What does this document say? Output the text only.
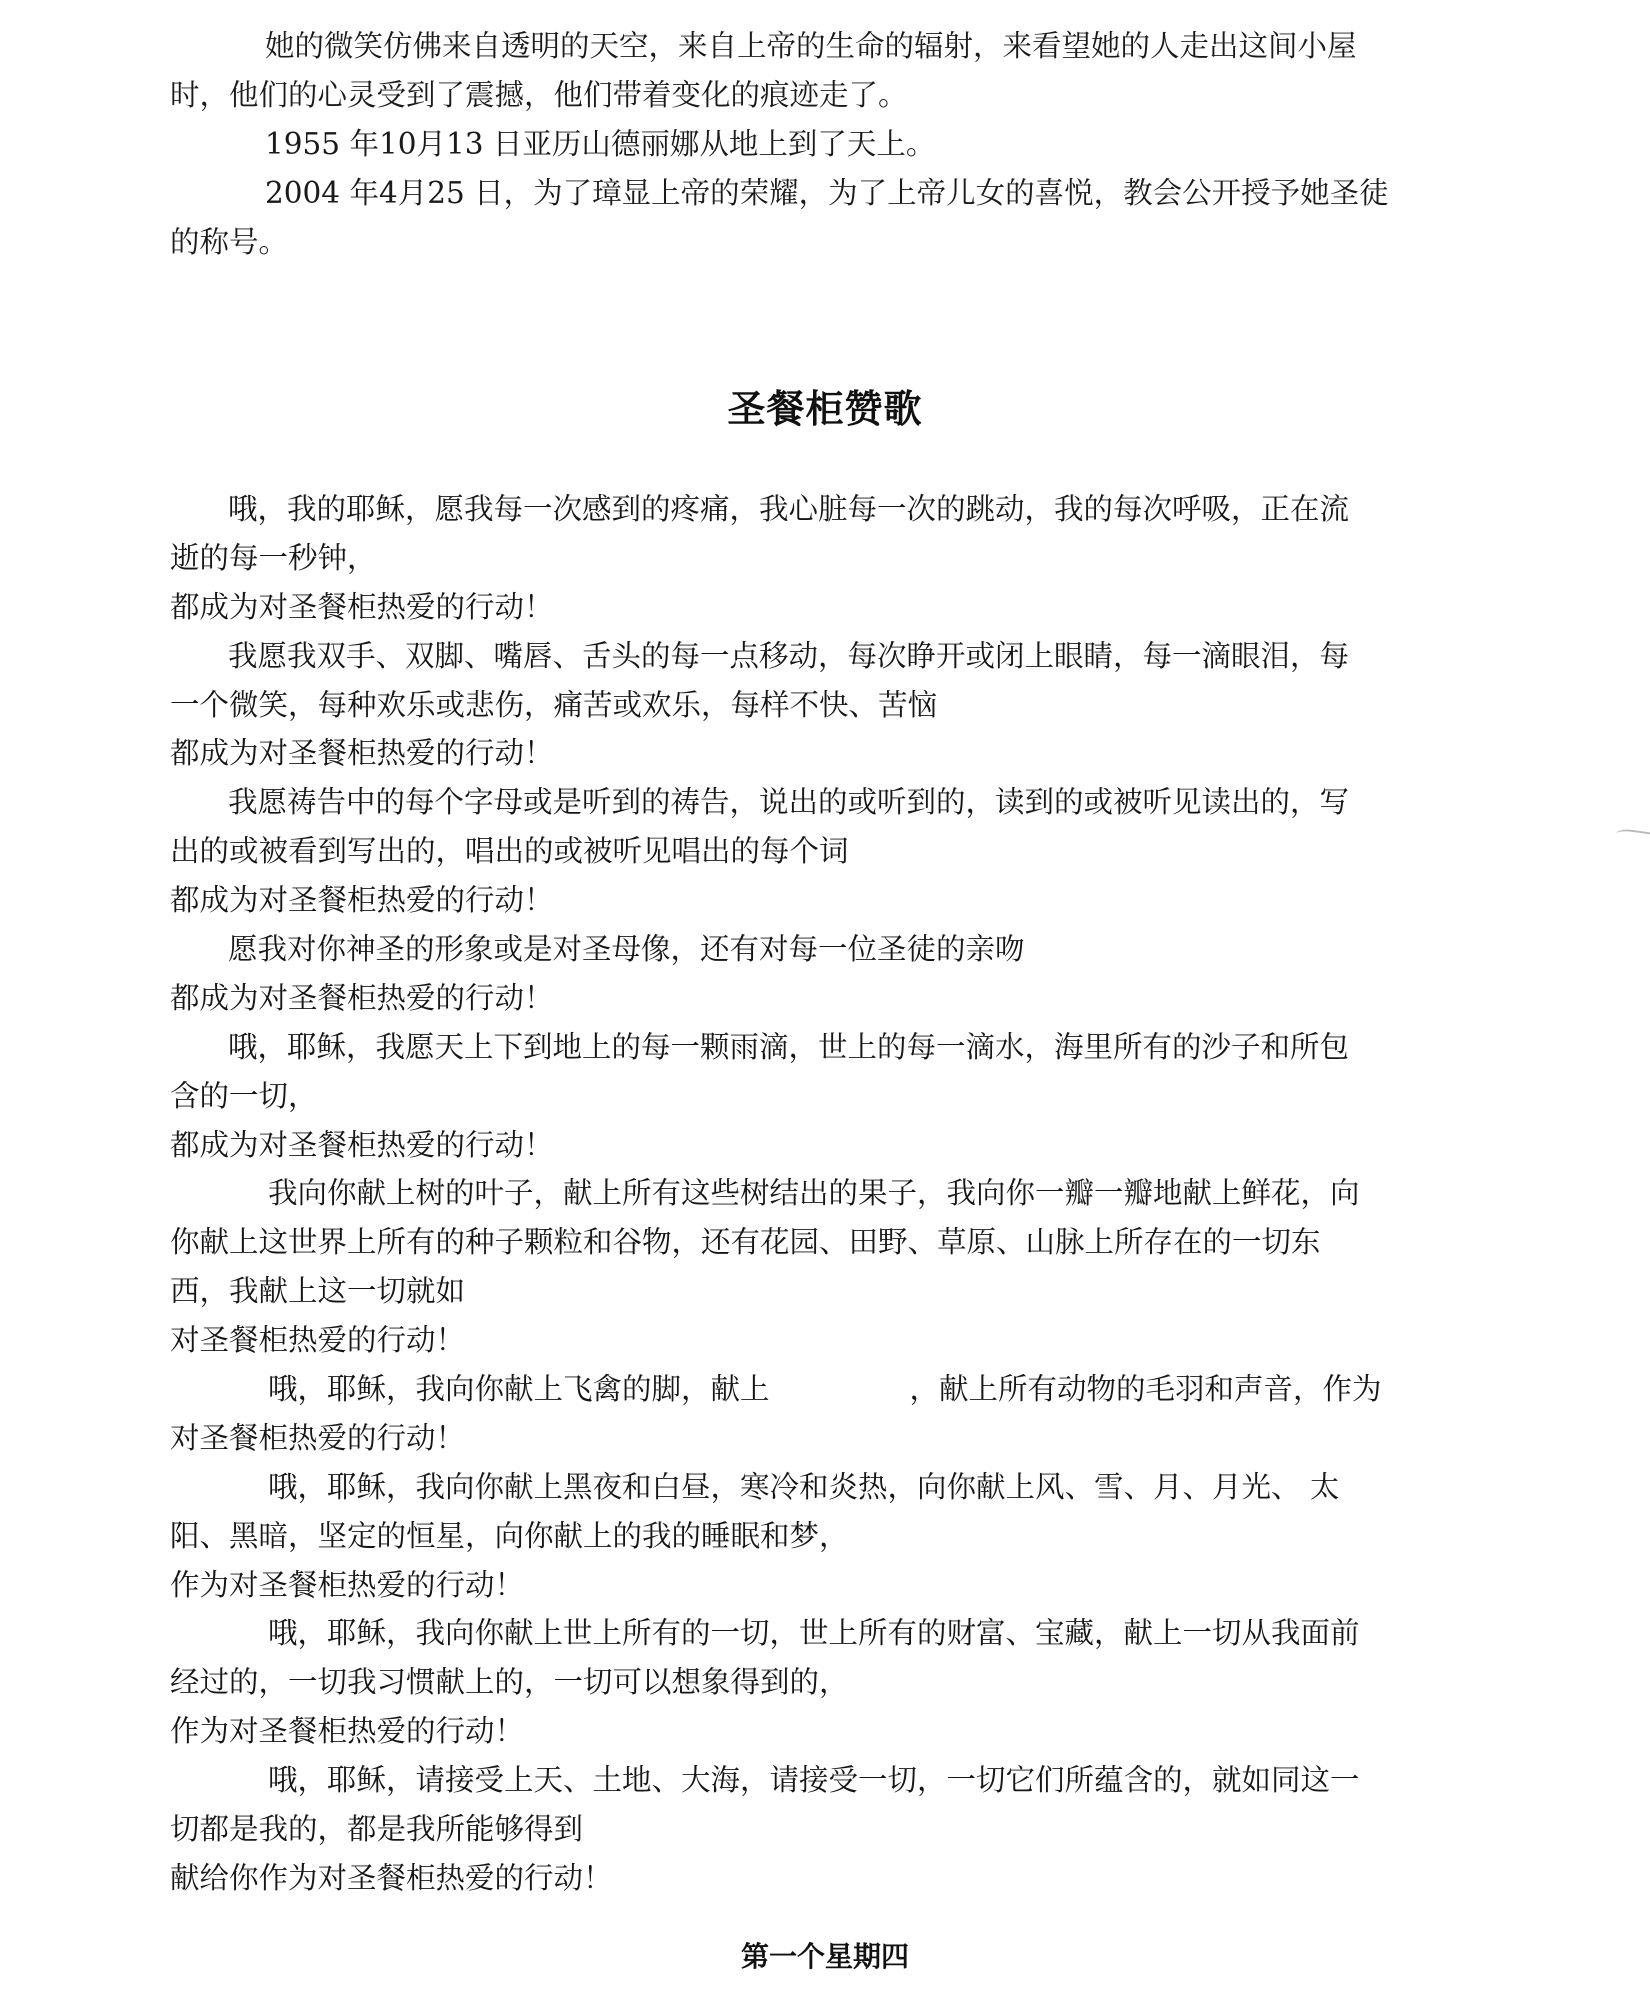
她的微笑仿佛来自透明的天空，来自上帝的生命的辐射，来看望她的人走出这间小屋

时，他们的心灵受到了震撼，他们带着变化的痕迹走了。

1955 年10月13 日亚历山德丽娜从地上到了天上。

2004 年4月25 日，为了璋显上帝的荣耀，为了上帝儿女的喜悦，教会公开授予她圣徒

的称号。

圣餐柜赞歌

哦，我的耶稣，愿我每一次感到的疼痛，我心脏每一次的跳动，我的每次呼吸，正在流

逝的每一秒钟，

都成为对圣餐柜热爱的行动！

我愿我双手、双脚、嘴唇、舌头的每一点移动，每次睁开或闭上眼睛，每一滴眼泪，每

一个微笑，每种欢乐或悲伤，痛苦或欢乐，每样不快、苦恼

都成为对圣餐柜热爱的行动！

我愿祷告中的每个字母或是听到的祷告，说出的或听到的，读到的或被听见读出的，写

出的或被看到写出的，唱出的或被听见唱出的每个词

都成为对圣餐柜热爱的行动！

愿我对你神圣的形象或是对圣母像，还有对每一位圣徒的亲吻

都成为对圣餐柜热爱的行动！

哦，耶稣，我愿天上下到地上的每一颗雨滴，世上的每一滴水，海里所有的沙子和所包

含的一切，

都成为对圣餐柜热爱的行动！

我向你献上树的叶子，献上所有这些树结出的果子，我向你一瓣一瓣地献上鲜花，向

你献上这世界上所有的种子颗粒和谷物，还有花园、田野、草原、山脉上所存在的一切东

西，我献上这一切就如

对圣餐柜热爱的行动！

哦，耶稣，我向你献上飞禽的脚，献上	，献上所有动物的毛羽和声音，作为

对圣餐柜热爱的行动！

哦，耶稣，我向你献上黑夜和白昼，寒冷和炎热，向你献上风、雪、月、月光、 太

阳、黑暗，坚定的恒星，向你献上的我的睡眠和梦，

作为对圣餐柜热爱的行动！

哦，耶稣，我向你献上世上所有的一切，世上所有的财富、宝藏，献上一切从我面前

经过的，一切我习惯献上的，一切可以想象得到的，

作为对圣餐柜热爱的行动！

哦，耶稣，请接受上天、土地、大海，请接受一切，一切它们所蕴含的，就如同这一

切都是我的，都是我所能够得到

献给你作为对圣餐柜热爱的行动！

第一个星期四
